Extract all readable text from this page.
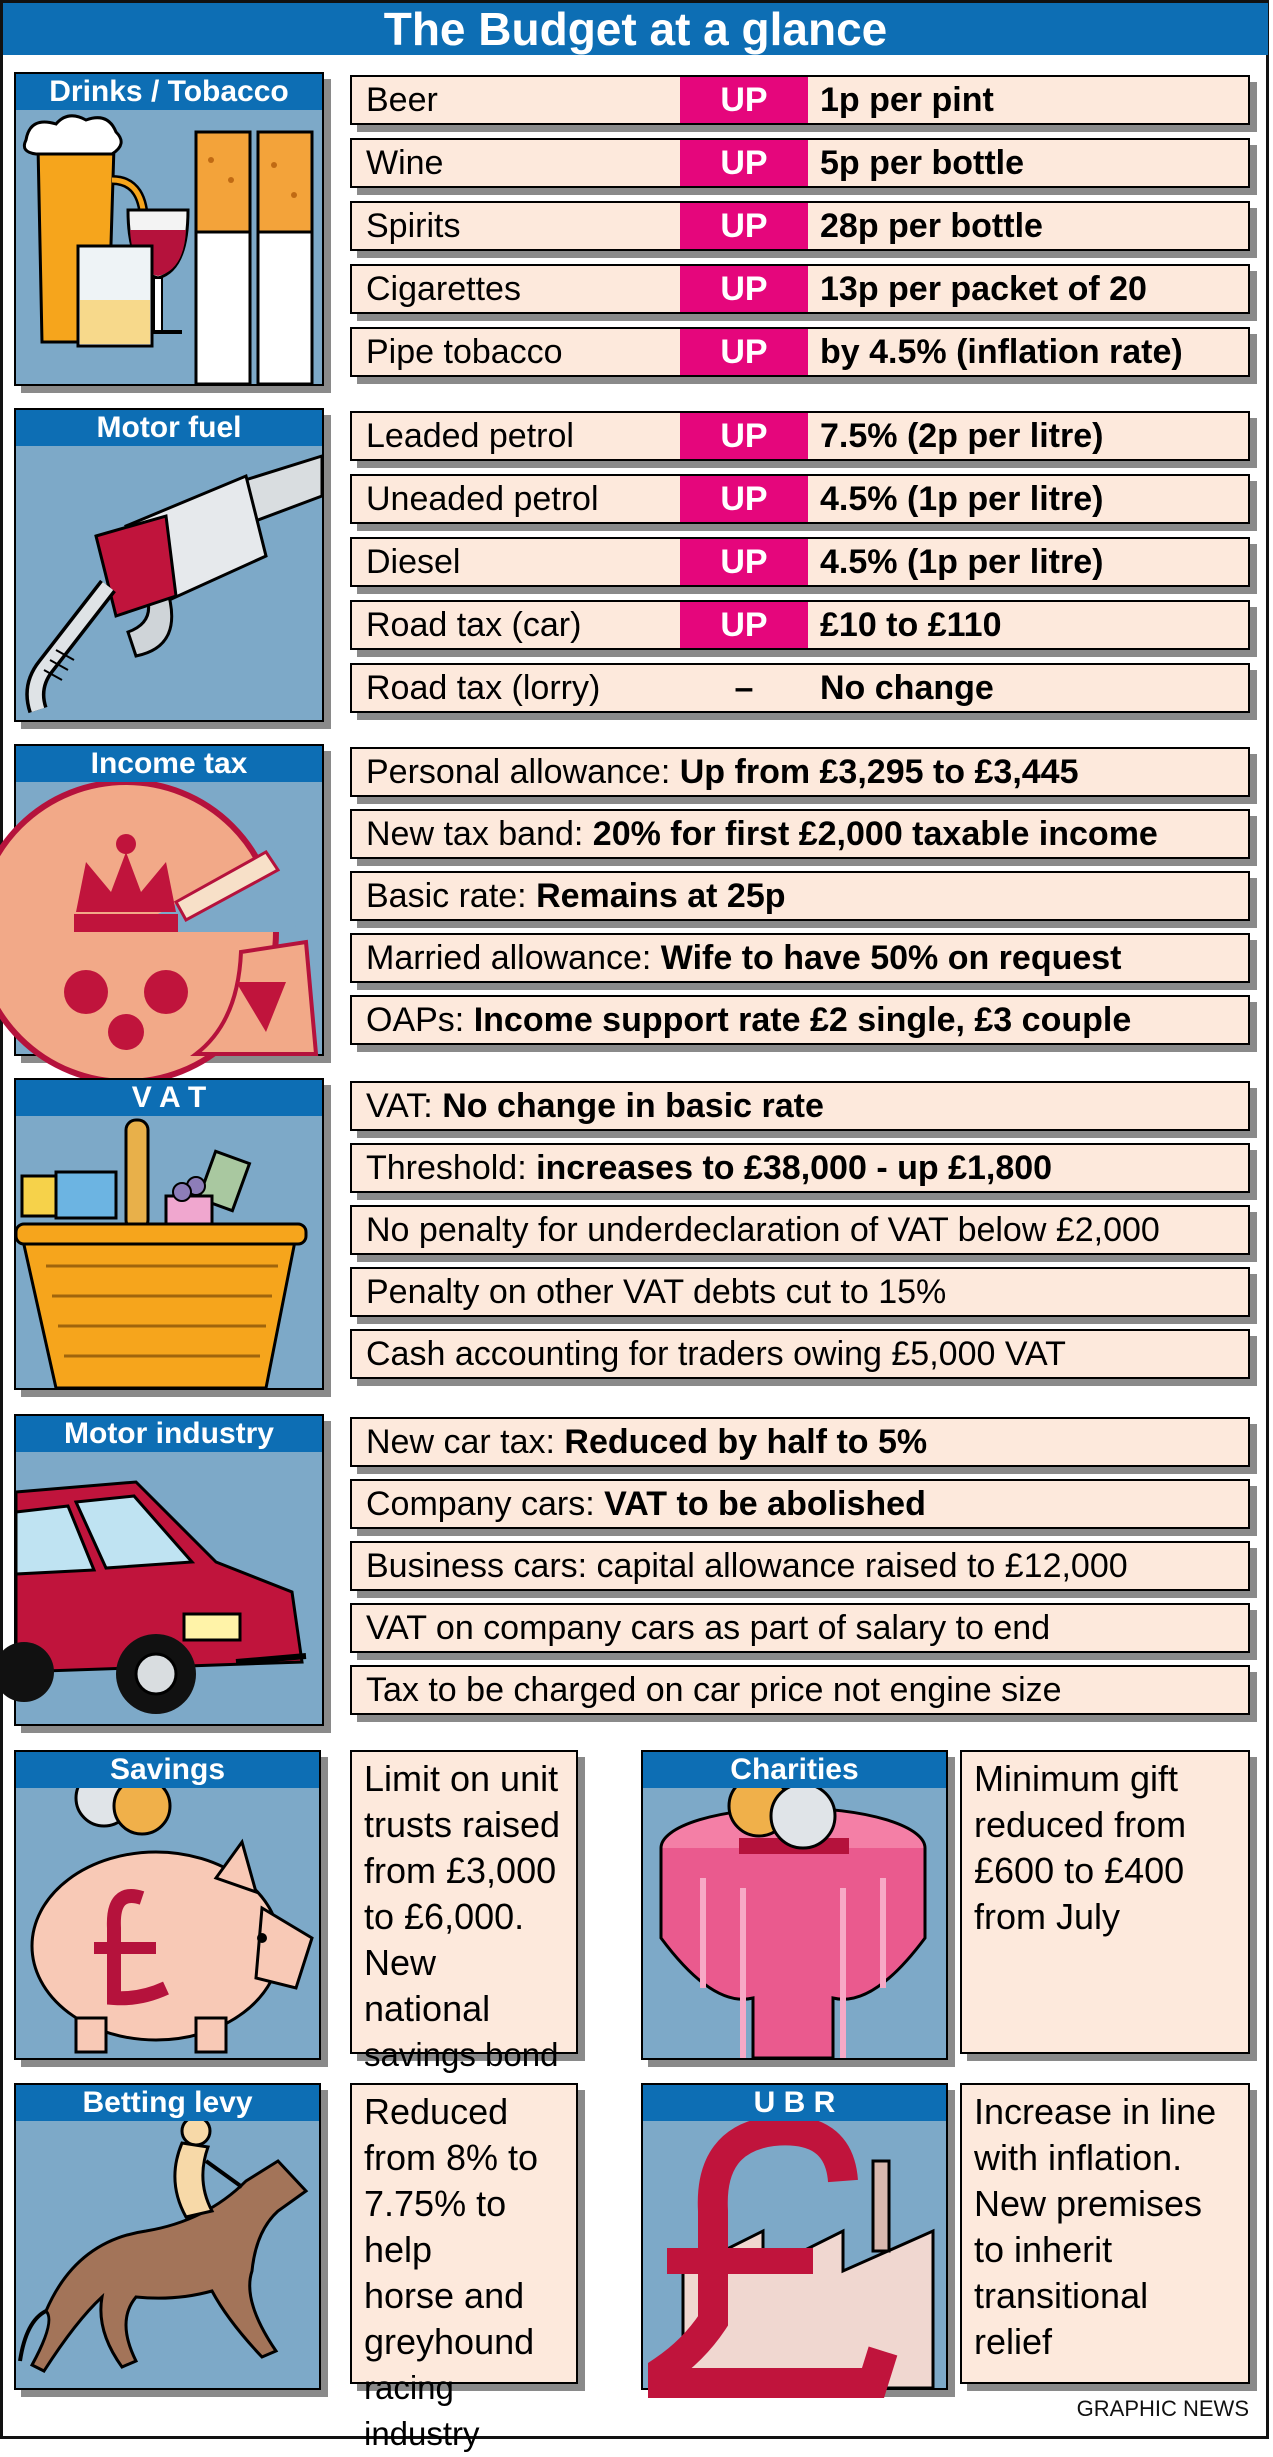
The Budget at a glance
Drinks / Tobacco	Beer	UP	1p per pint
Wine	UP	5p per bottle
Spirits	UP	28p per bottle
Cigarettes	UP	13p per packet of 20
Pipe tobacco	UP	by 4.5% (inflation rate)
Motor fuel	Leaded petrol	UP	7.5% (2p per litre)
Uneaded petrol	UP	4.5% (1p per litre)
Diesel	UP	4.5% (1p per litre)
Road tax (car)	UP	£10 to £110
Road tax (lorry)	–	No change
Income tax	Personal allowance: Up from £3,295 to £3,445
New tax band: 20% for first £2,000 taxable income
Basic rate: Remains at 25p
Married allowance: Wife to have 50% on request
OAPs: Income support rate £2 single, £3 couple
V A T	VAT: No change in basic rate
Threshold: increases to £38,000 - up £1,800
No penalty for underdeclaration of VAT below £2,000
Penalty on other VAT debts cut to 15%
Cash accounting for traders owing £5,000 VAT
Motor industry	New car tax: Reduced by half to 5%
Company cars: VAT to be abolished
Business cars: capital allowance raised to £12,000
VAT on company cars as part of salary to end
Tax to be charged on car price not engine size
Savings	Limit on unit
trusts raised
from £3,000
to £6,000.
New national
savings bond
Charities	Minimum gift
reduced from
£600 to £400
from July
Betting levy	Reduced
from 8% to
7.75% to help
horse and
greyhound
racing industry
U B R	Increase in line
with inflation.
New premises
to inherit
transitional
relief
GRAPHIC NEWS
